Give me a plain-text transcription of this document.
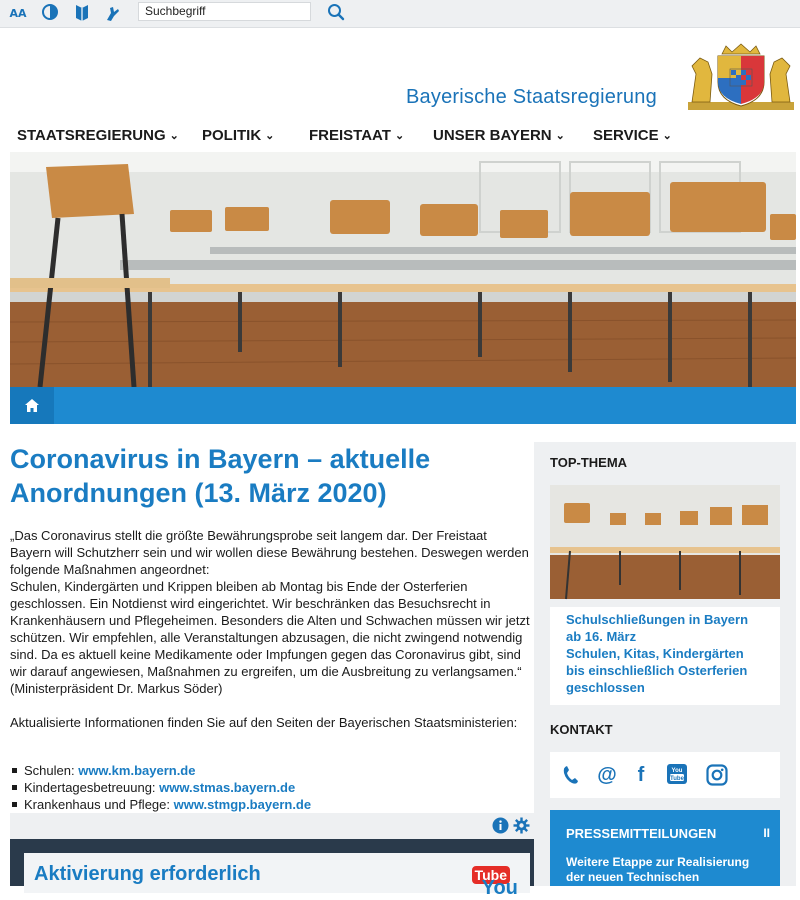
AA	Suchbegriff
Bayerische Staatsregierung
STAATSREGIERUNG ⌄ POLITIK ⌄ FREISTAAT ⌄ UNSER BAYERN ⌄ SERVICE ⌄
Coronavirus in Bayern – aktuelle Anordnungen (13. März 2020)

„Das Coronavirus stellt die größte Bewährungsprobe seit langem dar. Der Freistaat Bayern will Schutzherr sein und wir wollen diese Bewährung bestehen. Deswegen werden folgende Maßnahmen angeordnet:

Schulen, Kindergärten und Krippen bleiben ab Montag bis Ende der Osterferien geschlossen. Ein Notdienst wird eingerichtet. Wir beschränken das Besuchsrecht in Krankenhäusern und Pflegeheimen. Besonders die Alten und Schwachen müssen wir jetzt schützen. Wir empfehlen, alle Veranstaltungen abzusagen, die nicht zwingend notwendig sind. Da es aktuell keine Medikamente oder Impfungen gegen das Coronavirus gibt, sind wir darauf angewiesen, Maßnahmen zu ergreifen, um die Ausbreitung zu verlangsamen.“ (Ministerpräsident Dr. Markus Söder)

Aktualisierte Informationen finden Sie auf den Seiten der Bayerischen Staatsministerien:

Schulen: www.km.bayern.de
Kindertagesbetreuung: www.stmas.bayern.de
Krankenhaus und Pflege: www.stmgp.bayern.de
Aktivierung erforderlich
You
Tube
TOP-THEMA
Schulschließungen in Bayern ab 16. März
Schulen, Kitas, Kindergärten bis einschließlich Osterferien geschlossen
KONTAKT
@	f	You
Tube
PRESSEMITTEILUNGEN	II
Weitere Etappe zur Realisierung der neuen Technischen Universität
